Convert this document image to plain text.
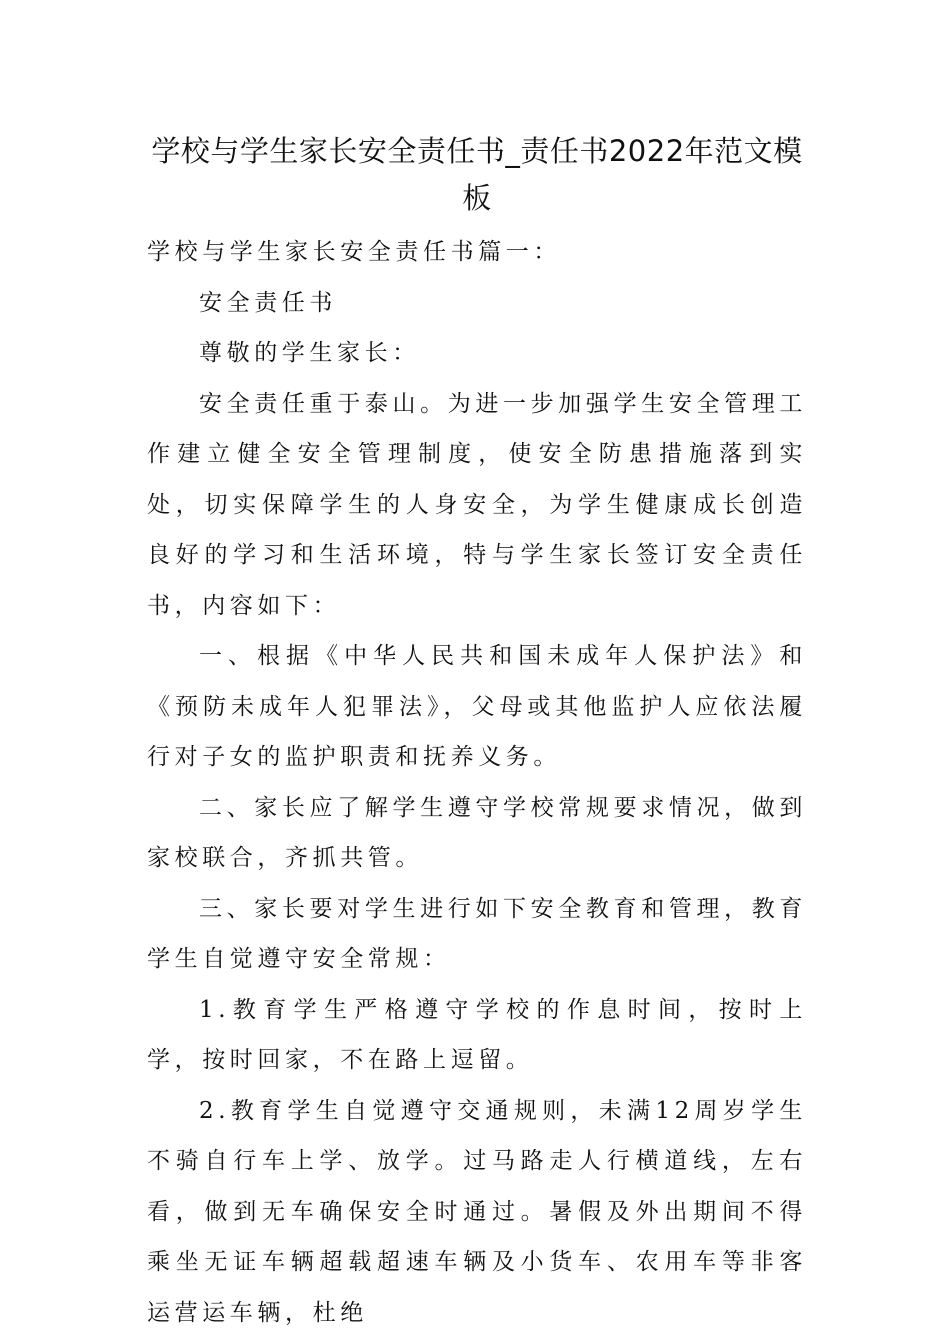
学校与学生家长安全责任书_责任书2022年范文模板

学校与学生家长安全责任书篇一：

安全责任书

尊敬的学生家长：

安全责任重于泰山。为进一步加强学生安全管理工作建立健全安全管理制度，使安全防患措施落到实处，切实保障学生的人身安全，为学生健康成长创造良好的学习和生活环境，特与学生家长签订安全责任书，内容如下：

一、根据《中华人民共和国未成年人保护法》和《预防未成年人犯罪法》，父母或其他监护人应依法履行对子女的监护职责和抚养义务。

二、家长应了解学生遵守学校常规要求情况，做到家校联合，齐抓共管。

三、家长要对学生进行如下安全教育和管理，教育学生自觉遵守安全常规：

1.教育学生严格遵守学校的作息时间，按时上学，按时回家，不在路上逗留。

2.教育学生自觉遵守交通规则，未满12周岁学生不骑自行车上学、放学。过马路走人行横道线，左右看，做到无车确保安全时通过。暑假及外出期间不得乘坐无证车辆超载超速车辆及小货车、农用车等非客运营运车辆，杜绝
